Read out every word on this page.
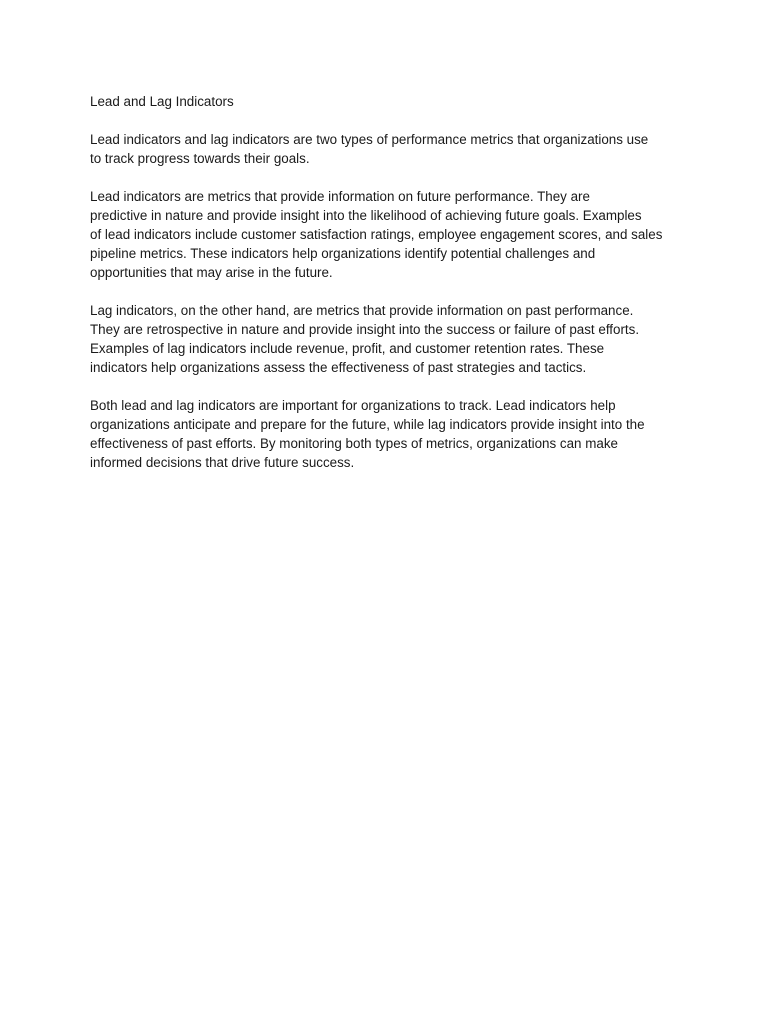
Lead and Lag Indicators

Lead indicators and lag indicators are two types of performance metrics that organizations use
to track progress towards their goals.

Lead indicators are metrics that provide information on future performance. They are
predictive in nature and provide insight into the likelihood of achieving future goals. Examples
of lead indicators include customer satisfaction ratings, employee engagement scores, and sales
pipeline metrics. These indicators help organizations identify potential challenges and
opportunities that may arise in the future.

Lag indicators, on the other hand, are metrics that provide information on past performance.
They are retrospective in nature and provide insight into the success or failure of past efforts.
Examples of lag indicators include revenue, profit, and customer retention rates. These
indicators help organizations assess the effectiveness of past strategies and tactics.

Both lead and lag indicators are important for organizations to track. Lead indicators help
organizations anticipate and prepare for the future, while lag indicators provide insight into the
effectiveness of past efforts. By monitoring both types of metrics, organizations can make
informed decisions that drive future success.
